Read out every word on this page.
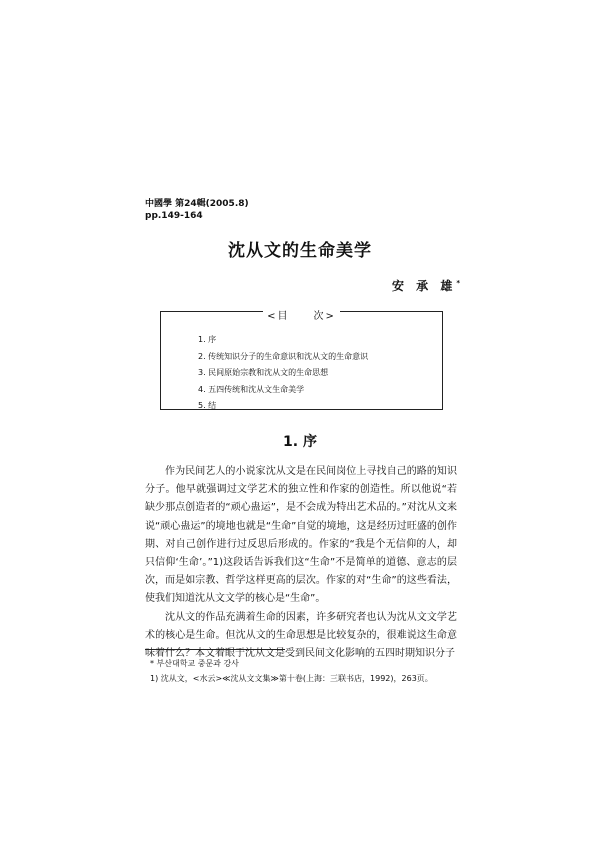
中國學 第24輯(2005.8)
pp.149-164
沈从文的生命美学
安 承 雄*
<目　　次>
1. 序
2. 传统知识分子的生命意识和沈从文的生命意识
3. 民间原始宗教和沈从文的生命思想
4. 五四传统和沈从文生命美学
5. 结
1. 序

作为民间艺人的小说家沈从文是在民间岗位上寻找自己的路的知识分子。他早就强调过文学艺术的独立性和作家的创造性。所以他说“若缺少那点创造者的“顽心蛊运”，是不会成为特出艺术品的。”对沈从文来说“顽心蛊运”的境地也就是“生命”自觉的境地，这是经历过旺盛的创作期、对自己创作进行过反思后形成的。作家的“我是个无信仰的人，却只信仰‘生命’。”1)这段话告诉我们这“生命”不是简单的道德、意志的层次，而是如宗教、哲学这样更高的层次。作家的对“生命”的这些看法，使我们知道沈从文文学的核心是“生命”。

沈从文的作品充满着生命的因素，许多研究者也认为沈从文文学艺术的核心是生命。但沈从文的生命思想是比较复杂的，很难说这生命意味着什么？本文着眼于沈从文是受到民间文化影响的五四时期知识分子

* 부산대학교 중문과 강사
1) 沈从文，<水云>≪沈从文文集≫第十卷(上海：三联书店，1992)，263页。
